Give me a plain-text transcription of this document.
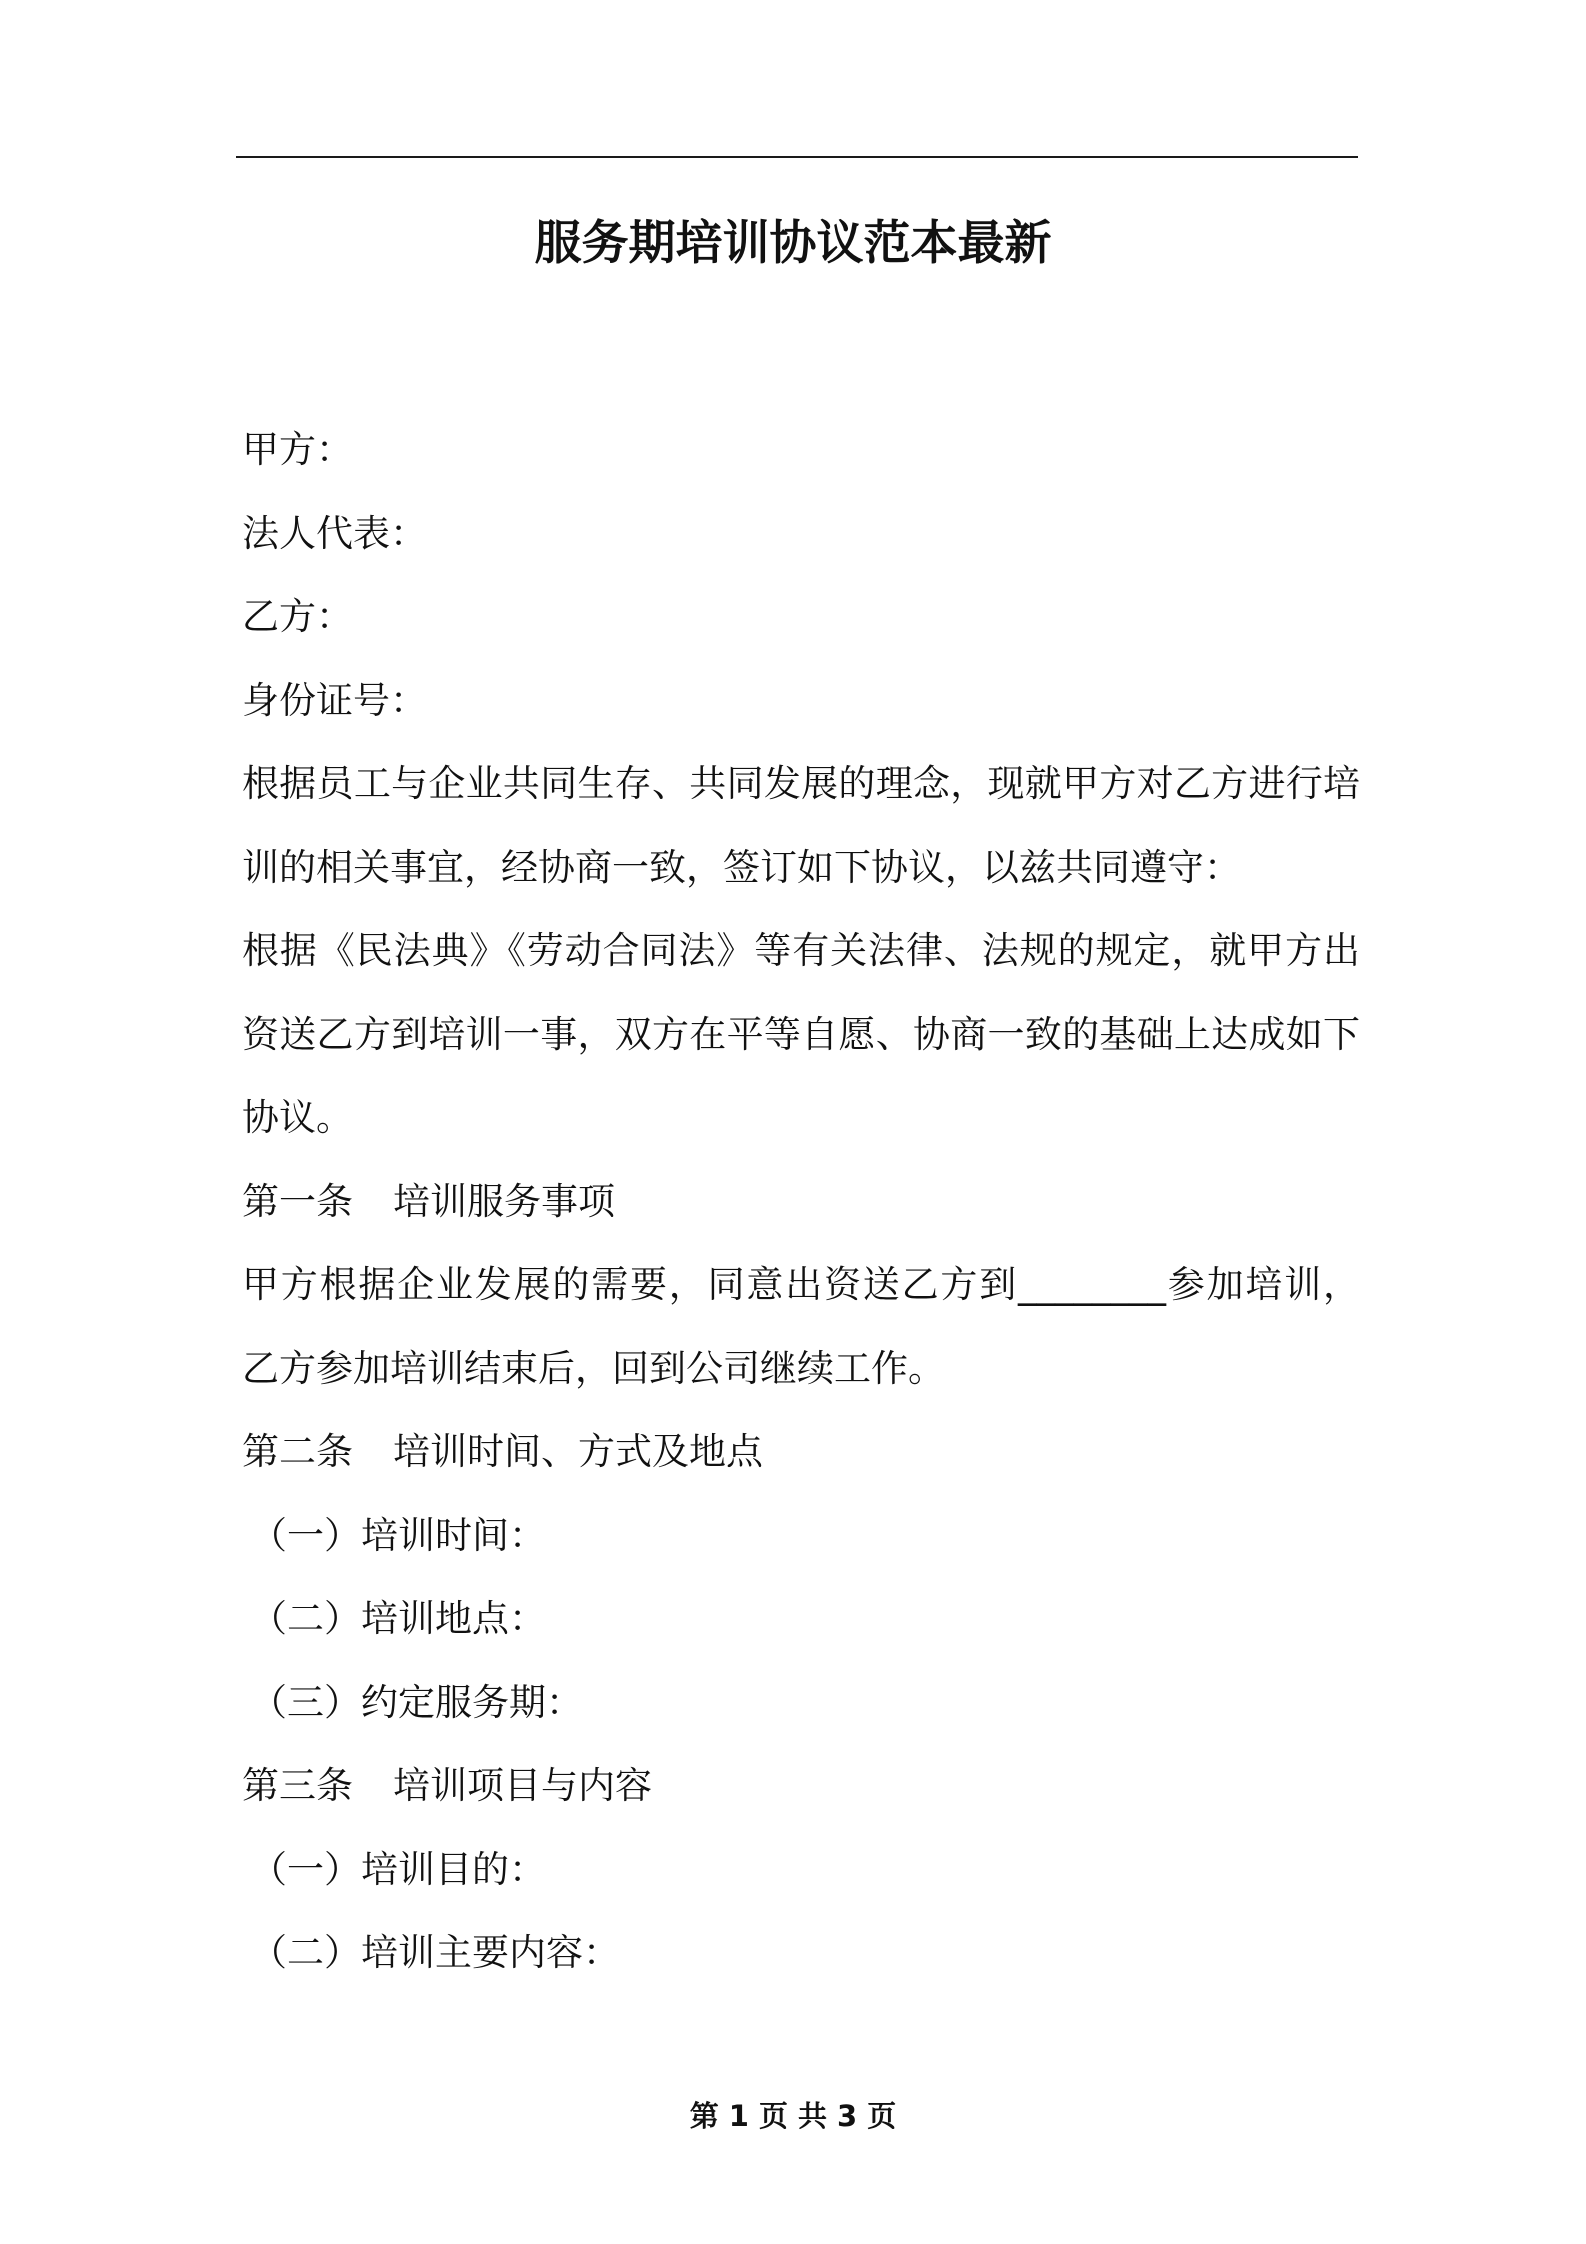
服务期培训协议范本最新
甲方：
法人代表：
乙方：
身份证号：
根据员工与企业共同生存、共同发展的理念，现就甲方对乙方进行培
训的相关事宜，经协商一致，签订如下协议，以兹共同遵守：
根据《民法典》《劳动合同法》等有关法律、法规的规定，就甲方出
资送乙方到培训一事，双方在平等自愿、协商一致的基础上达成如下
协议。
第一条 培训服务事项
甲方根据企业发展的需要，同意出资送乙方到________参加培训，
乙方参加培训结束后，回到公司继续工作。
第二条 培训时间、方式及地点
（一）培训时间：
（二）培训地点：
（三）约定服务期：
第三条 培训项目与内容
（一）培训目的：
（二）培训主要内容：
第 1 页 共 3 页
